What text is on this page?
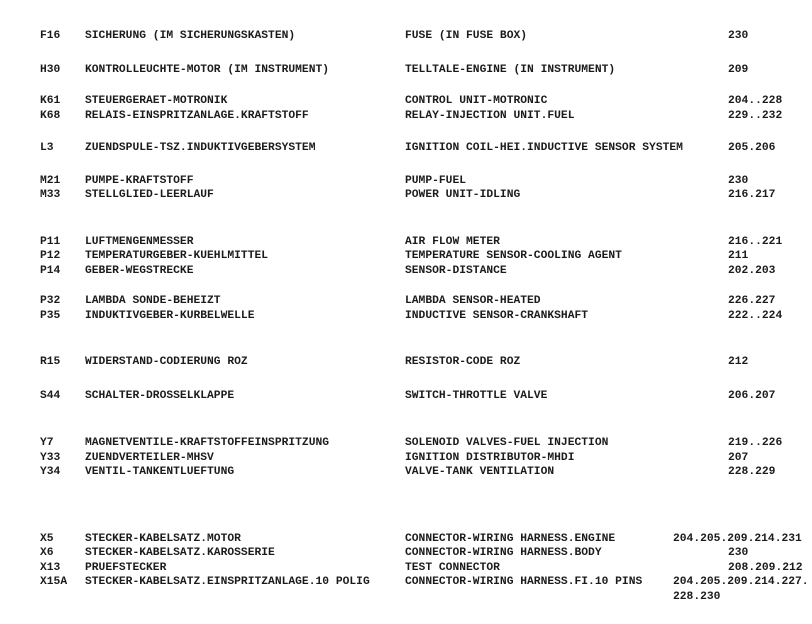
F16	SICHERUNG (IM SICHERUNGSKASTEN)	FUSE (IN FUSE BOX)	230
H30	KONTROLLEUCHTE-MOTOR (IM INSTRUMENT)	TELLTALE-ENGINE (IN INSTRUMENT)	209
K61	STEUERGERAET-MOTRONIK	CONTROL UNIT-MOTRONIC	204..228
K68	RELAIS-EINSPRITZANLAGE.KRAFTSTOFF	RELAY-INJECTION UNIT.FUEL	229..232
L3	ZUENDSPULE-TSZ.INDUKTIVGEBERSYSTEM	IGNITION COIL-HEI.INDUCTIVE SENSOR SYSTEM	205.206
M21	PUMPE-KRAFTSTOFF	PUMP-FUEL	230
M33	STELLGLIED-LEERLAUF	POWER UNIT-IDLING	216.217
P11	LUFTMENGENMESSER	AIR FLOW METER	216..221
P12	TEMPERATURGEBER-KUEHLMITTEL	TEMPERATURE SENSOR-COOLING AGENT	211
P14	GEBER-WEGSTRECKE	SENSOR-DISTANCE	202.203
P32	LAMBDA SONDE-BEHEIZT	LAMBDA SENSOR-HEATED	226.227
P35	INDUKTIVGEBER-KURBELWELLE	INDUCTIVE SENSOR-CRANKSHAFT	222..224
R15	WIDERSTAND-CODIERUNG ROZ	RESISTOR-CODE ROZ	212
S44	SCHALTER-DROSSELKLAPPE	SWITCH-THROTTLE VALVE	206.207
Y7	MAGNETVENTILE-KRAFTSTOFFEINSPRITZUNG	SOLENOID VALVES-FUEL INJECTION	219..226
Y33	ZUENDVERTEILER-MHSV	IGNITION DISTRIBUTOR-MHDI	207
Y34	VENTIL-TANKENTLUEFTUNG	VALVE-TANK VENTILATION	228.229
X5	STECKER-KABELSATZ.MOTOR	CONNECTOR-WIRING HARNESS.ENGINE	204.205.209.214.231
X6	STECKER-KABELSATZ.KAROSSERIE	CONNECTOR-WIRING HARNESS.BODY	230
X13	PRUEFSTECKER	TEST CONNECTOR	208.209.212
X15A	STECKER-KABELSATZ.EINSPRITZANLAGE.10 POLIG	CONNECTOR-WIRING HARNESS.FI.10 PINS	204.205.209.214.227.
228.230
